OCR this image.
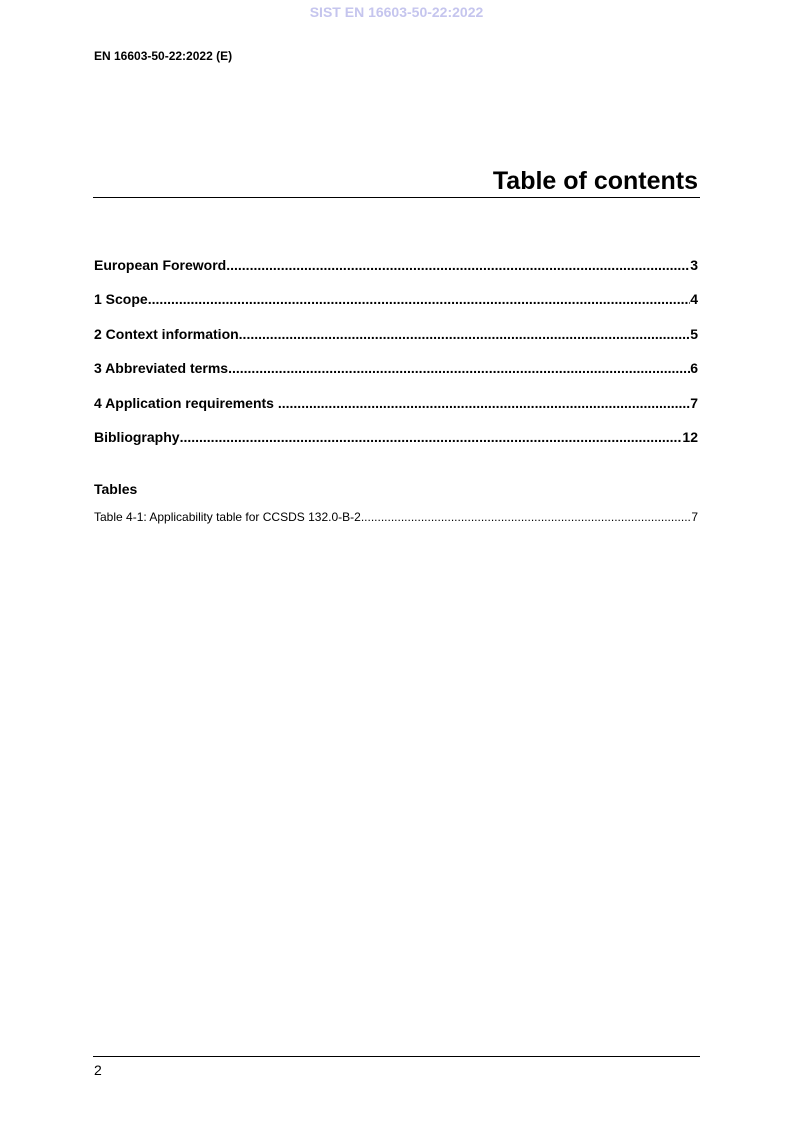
SIST EN 16603-50-22:2022
EN 16603-50-22:2022 (E)
Table of contents
European Foreword .....	3
1 Scope .....	4
2 Context information .....	5
3 Abbreviated terms .....	6
4 Application requirements .....	7
Bibliography .....	12
Tables
Table 4-1: Applicability table for CCSDS 132.0-B-2 .....	7
2
